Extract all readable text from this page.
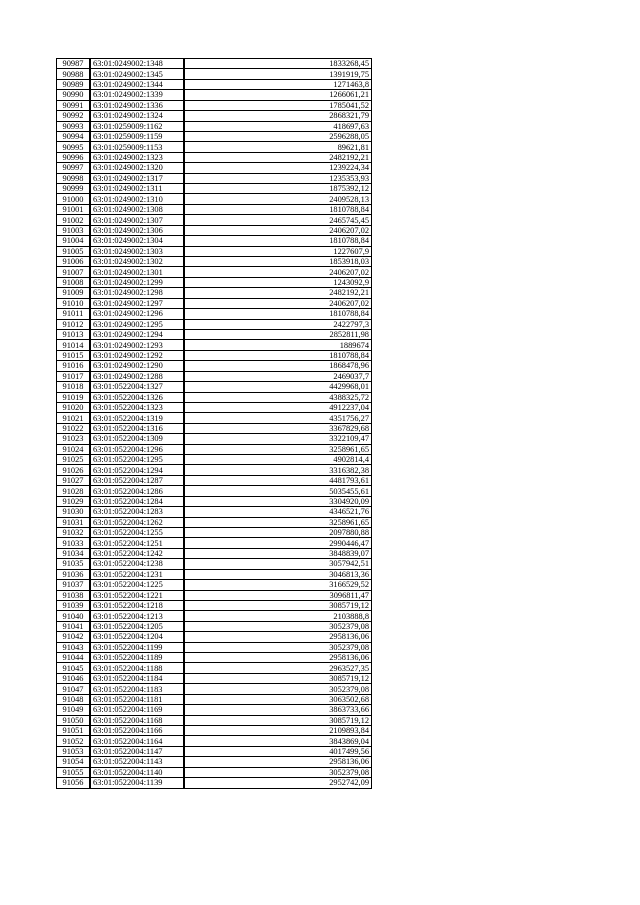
90987	63:01:0249002:1348	1833268,45
90988	63:01:0249002:1345	1391919,75
90989	63:01:0249002:1344	1271463,8
90990	63:01:0249002:1339	1266061,21
90991	63:01:0249002:1336	1785041,52
90992	63:01:0249002:1324	2868321,79
90993	63:01:0259009:1162	418697,63
90994	63:01:0259009:1159	2596288,05
90995	63:01:0259009:1153	89621,81
90996	63:01:0249002:1323	2482192,21
90997	63:01:0249002:1320	1239224,34
90998	63:01:0249002:1317	1235353,93
90999	63:01:0249002:1311	1875392,12
91000	63:01:0249002:1310	2409528,13
91001	63:01:0249002:1308	1810788,84
91002	63:01:0249002:1307	2465745,45
91003	63:01:0249002:1306	2406207,02
91004	63:01:0249002:1304	1810788,84
91005	63:01:0249002:1303	1227607,9
91006	63:01:0249002:1302	1853918,03
91007	63:01:0249002:1301	2406207,02
91008	63:01:0249002:1299	1243092,9
91009	63:01:0249002:1298	2482192,21
91010	63:01:0249002:1297	2406207,02
91011	63:01:0249002:1296	1810788,84
91012	63:01:0249002:1295	2422797,3
91013	63:01:0249002:1294	2852811,98
91014	63:01:0249002:1293	1889674
91015	63:01:0249002:1292	1810788,84
91016	63:01:0249002:1290	1868478,96
91017	63:01:0249002:1288	2469037,7
91018	63:01:0522004:1327	4429968,01
91019	63:01:0522004:1326	4388325,72
91020	63:01:0522004:1323	4912237,04
91021	63:01:0522004:1319	4351756,27
91022	63:01:0522004:1316	3367829,68
91023	63:01:0522004:1309	3322109,47
91024	63:01:0522004:1296	3258961,65
91025	63:01:0522004:1295	4902814,4
91026	63:01:0522004:1294	3316382,38
91027	63:01:0522004:1287	4481793,61
91028	63:01:0522004:1286	5035455,61
91029	63:01:0522004:1284	3304920,09
91030	63:01:0522004:1283	4346521,76
91031	63:01:0522004:1262	3258961,65
91032	63:01:0522004:1255	2097880,88
91033	63:01:0522004:1251	2990446,47
91034	63:01:0522004:1242	3848839,07
91035	63:01:0522004:1238	3057942,51
91036	63:01:0522004:1231	3046813,36
91037	63:01:0522004:1225	3166529,52
91038	63:01:0522004:1221	3096811,47
91039	63:01:0522004:1218	3085719,12
91040	63:01:0522004:1213	2103888,8
91041	63:01:0522004:1205	3052379,08
91042	63:01:0522004:1204	2958136,06
91043	63:01:0522004:1199	3052379,08
91044	63:01:0522004:1189	2958136,06
91045	63:01:0522004:1188	2963527,35
91046	63:01:0522004:1184	3085719,12
91047	63:01:0522004:1183	3052379,08
91048	63:01:0522004:1181	3063502,68
91049	63:01:0522004:1169	3863733,66
91050	63:01:0522004:1168	3085719,12
91051	63:01:0522004:1166	2109893,84
91052	63:01:0522004:1164	3843869,04
91053	63:01:0522004:1147	4017499,56
91054	63:01:0522004:1143	2958136,06
91055	63:01:0522004:1140	3052379,08
91056	63:01:0522004:1139	2952742,09
